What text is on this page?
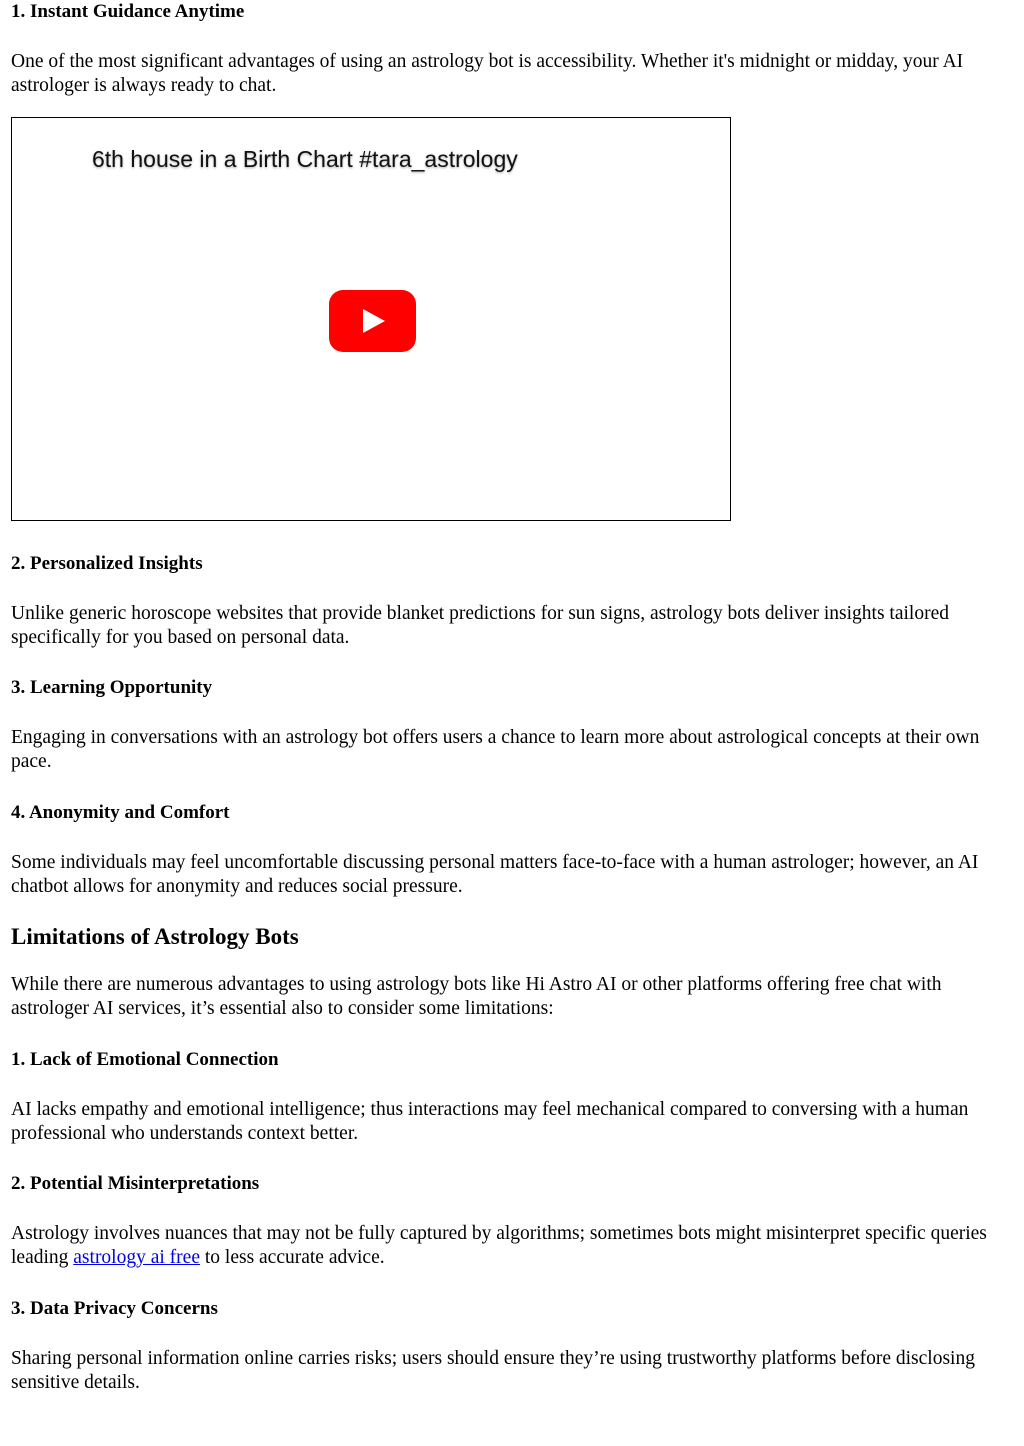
1. Instant Guidance Anytime

One of the most significant advantages of using an astrology bot is accessibility. Whether it's midnight or midday, your AI astrologer is always ready to chat.

6th house in a Birth Chart #tara_astrology
2. Personalized Insights

Unlike generic horoscope websites that provide blanket predictions for sun signs, astrology bots deliver insights tailored specifically for you based on personal data.

3. Learning Opportunity

Engaging in conversations with an astrology bot offers users a chance to learn more about astrological concepts at their own pace.

4. Anonymity and Comfort

Some individuals may feel uncomfortable discussing personal matters face-to-face with a human astrologer; however, an AI chatbot allows for anonymity and reduces social pressure.

Limitations of Astrology Bots

While there are numerous advantages to using astrology bots like Hi Astro AI or other platforms offering free chat with astrologer AI services, it’s essential also to consider some limitations:

1. Lack of Emotional Connection

AI lacks empathy and emotional intelligence; thus interactions may feel mechanical compared to conversing with a human professional who understands context better.

2. Potential Misinterpretations

Astrology involves nuances that may not be fully captured by algorithms; sometimes bots might misinterpret specific queries leading astrology ai free to less accurate advice.

3. Data Privacy Concerns

Sharing personal information online carries risks; users should ensure they’re using trustworthy platforms before disclosing sensitive details.
